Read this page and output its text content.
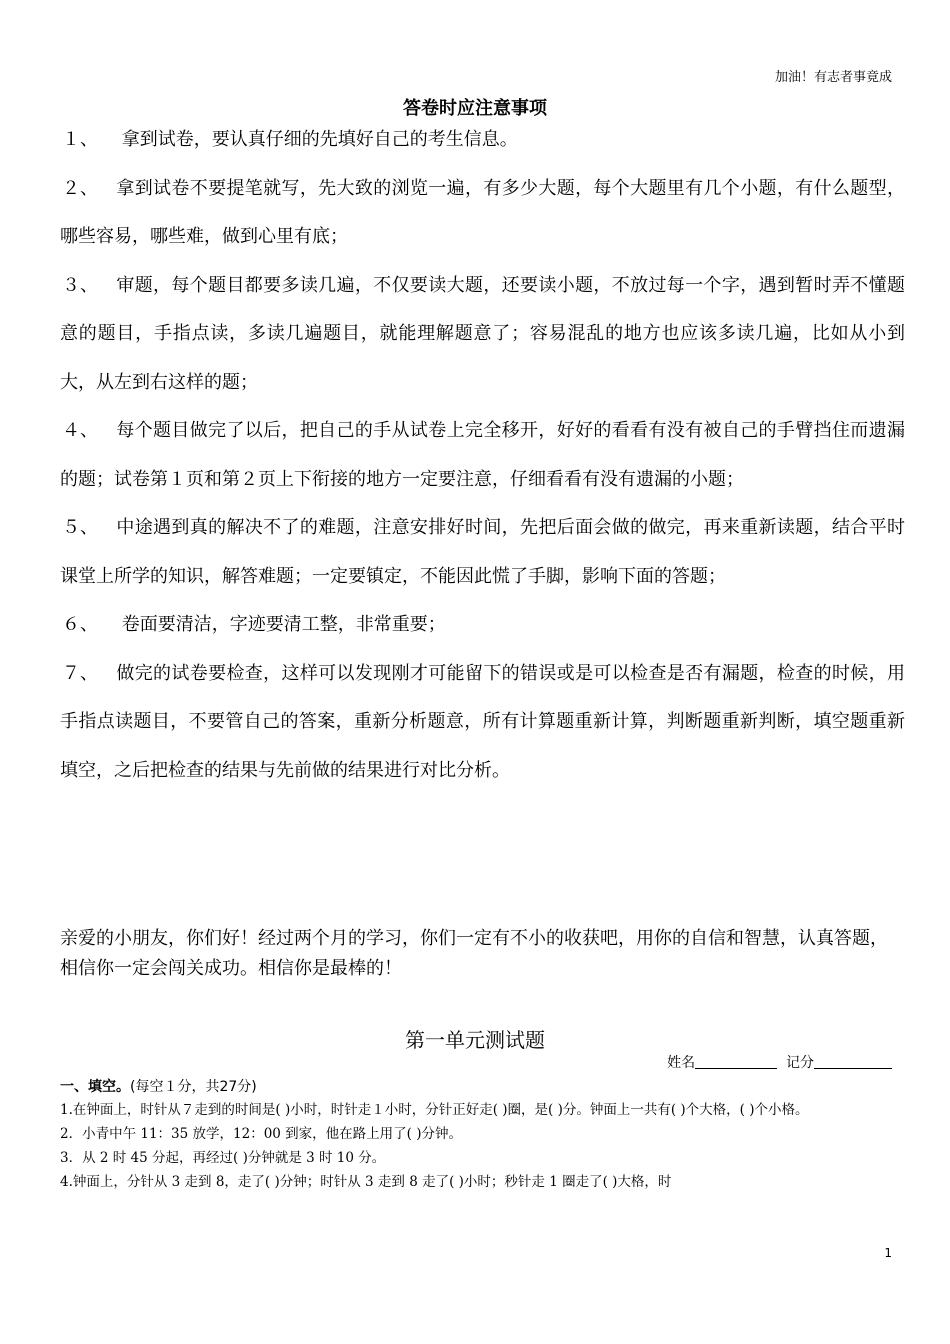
加油！有志者事竟成
答卷时应注意事项

１、 拿到试卷，要认真仔细的先填好自己的考生信息。

２、 拿到试卷不要提笔就写，先大致的浏览一遍，有多少大题，每个大题里有几个小题，有什么题型，哪些容易，哪些难，做到心里有底；

３、 审题，每个题目都要多读几遍，不仅要读大题，还要读小题，不放过每一个字，遇到暂时弄不懂题意的题目，手指点读，多读几遍题目，就能理解题意了；容易混乱的地方也应该多读几遍，比如从小到大，从左到右这样的题；

４、 每个题目做完了以后，把自己的手从试卷上完全移开，好好的看看有没有被自己的手臂挡住而遗漏的题；试卷第１页和第２页上下衔接的地方一定要注意，仔细看看有没有遗漏的小题；

５、 中途遇到真的解决不了的难题，注意安排好时间，先把后面会做的做完，再来重新读题，结合平时课堂上所学的知识，解答难题；一定要镇定，不能因此慌了手脚，影响下面的答题；

６、 卷面要清洁，字迹要清工整，非常重要；

７、 做完的试卷要检查，这样可以发现刚才可能留下的错误或是可以检查是否有漏题，检查的时候，用手指点读题目，不要管自己的答案，重新分析题意，所有计算题重新计算，判断题重新判断，填空题重新填空，之后把检查的结果与先前做的结果进行对比分析。

亲爱的小朋友，你们好！经过两个月的学习，你们一定有不小的收获吧，用你的自信和智慧，认真答题，相信你一定会闯关成功。相信你是最棒的！

第一单元测试题
姓名	记分
一、填空。(每空１分，共27分)

1.在钟面上，时针从７走到的时间是( )小时，时针走１小时，分针正好走( )圈，是( )分。钟面上一共有( )个大格，( )个小格。

2．小青中午 11：35 放学，12：00 到家，他在路上用了( )分钟。

3．从 2 时 45 分起，再经过( )分钟就是 3 时 10 分。

4.钟面上，分针从 3 走到 8，走了( )分钟；时针从 3 走到 8 走了( )小时；秒针走 1 圈走了( )大格，时

1
